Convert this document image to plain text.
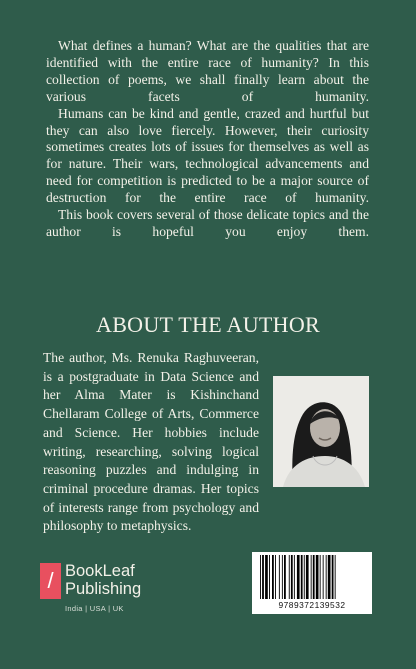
What defines a human? What are the qualities that are identified with the entire race of humanity? In this collection of poems, we shall finally learn about the various facets of humanity.

Humans can be kind and gentle, crazed and hurtful but they can also love fiercely. However, their curiosity sometimes creates lots of issues for themselves as well as for nature. Their wars, technological advancements and need for competition is predicted to be a major source of destruction for the entire race of humanity.

This book covers several of those delicate topics and the author is hopeful you enjoy them.

ABOUT THE AUTHOR
The author, Ms. Renuka Raghuveeran, is a postgraduate in Data Science and her Alma Mater is Kishinchand Chellaram College of Arts, Commerce and Science. Her hobbies include writing, researching, solving logical reasoning puzzles and indulging in criminal procedure dramas. Her topics of interests range from psychology and philosophy to metaphysics.
/ BookLeaf
Publishing
India | USA | UK	9789372139532
